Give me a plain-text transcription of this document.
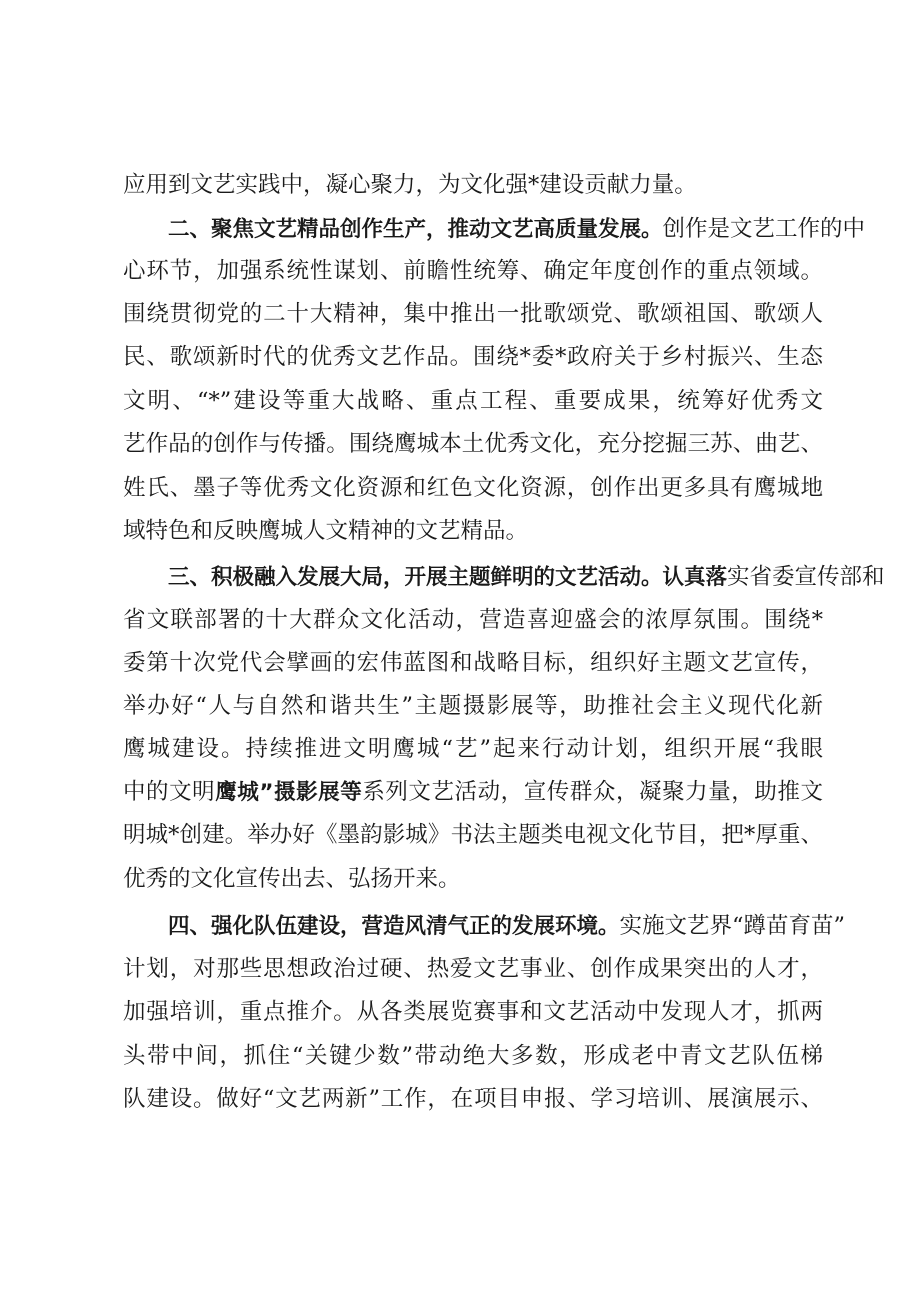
应用到文艺实践中，凝心聚力，为文化强*建设贡献力量。
二、聚焦文艺精品创作生产，推动文艺高质量发展。创作是文艺工作的中
心环节，加强系统性谋划、前瞻性统筹、确定年度创作的重点领域。
围绕贯彻党的二十大精神，集中推出一批歌颂党、歌颂祖国、歌颂人
民、歌颂新时代的优秀文艺作品。围绕*委*政府关于乡村振兴、生态
文明、“*”建设等重大战略、重点工程、重要成果，统筹好优秀文
艺作品的创作与传播。围绕鹰城本土优秀文化，充分挖掘三苏、曲艺、
姓氏、墨子等优秀文化资源和红色文化资源，创作出更多具有鹰城地
域特色和反映鹰城人文精神的文艺精品。
三、积极融入发展大局，开展主题鲜明的文艺活动。认真落实省委宣传部和
省文联部署的十大群众文化活动，营造喜迎盛会的浓厚氛围。围绕*
委第十次党代会擘画的宏伟蓝图和战略目标，组织好主题文艺宣传，
举办好“人与自然和谐共生”主题摄影展等，助推社会主义现代化新
鹰城建设。持续推进文明鹰城“艺”起来行动计划，组织开展“我眼
中的文明鹰城”摄影展等系列文艺活动，宣传群众，凝聚力量，助推文
明城*创建。举办好《墨韵影城》书法主题类电视文化节目，把*厚重、
优秀的文化宣传出去、弘扬开来。
四、强化队伍建设，营造风清气正的发展环境。实施文艺界“蹲苗育苗”
计划，对那些思想政治过硬、热爱文艺事业、创作成果突出的人才，
加强培训，重点推介。从各类展览赛事和文艺活动中发现人才，抓两
头带中间，抓住“关键少数”带动绝大多数，形成老中青文艺队伍梯
队建设。做好“文艺两新”工作，在项目申报、学习培训、展演展示、
